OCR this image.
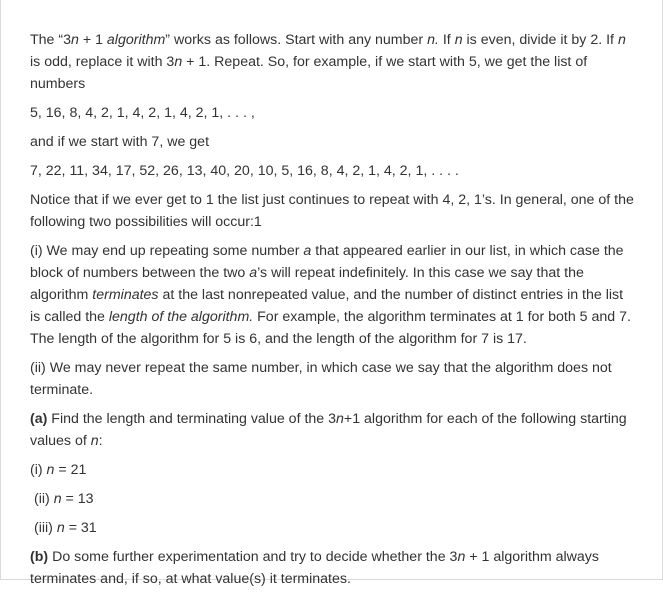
The “3n + 1 algorithm” works as follows. Start with any number n. If n is even, divide it by 2. If n is odd, replace it with 3n + 1. Repeat. So, for example, if we start with 5, we get the list of numbers

5, 16, 8, 4, 2, 1, 4, 2, 1, 4, 2, 1, . . . ,

and if we start with 7, we get

7, 22, 11, 34, 17, 52, 26, 13, 40, 20, 10, 5, 16, 8, 4, 2, 1, 4, 2, 1, . . . .

Notice that if we ever get to 1 the list just continues to repeat with 4, 2, 1’s. In general, one of the following two possibilities will occur:1

(i) We may end up repeating some number a that appeared earlier in our list, in which case the block of numbers between the two a’s will repeat indefinitely. In this case we say that the algorithm terminates at the last nonrepeated value, and the number of distinct entries in the list is called the length of the algorithm. For example, the algorithm terminates at 1 for both 5 and 7. The length of the algorithm for 5 is 6, and the length of the algorithm for 7 is 17.

(ii) We may never repeat the same number, in which case we say that the algorithm does not terminate.

(a) Find the length and terminating value of the 3n+1 algorithm for each of the following starting values of n:

(i) n = 21

(ii) n = 13

(iii) n = 31

(b) Do some further experimentation and try to decide whether the 3n + 1 algorithm always terminates and, if so, at what value(s) it terminates.
